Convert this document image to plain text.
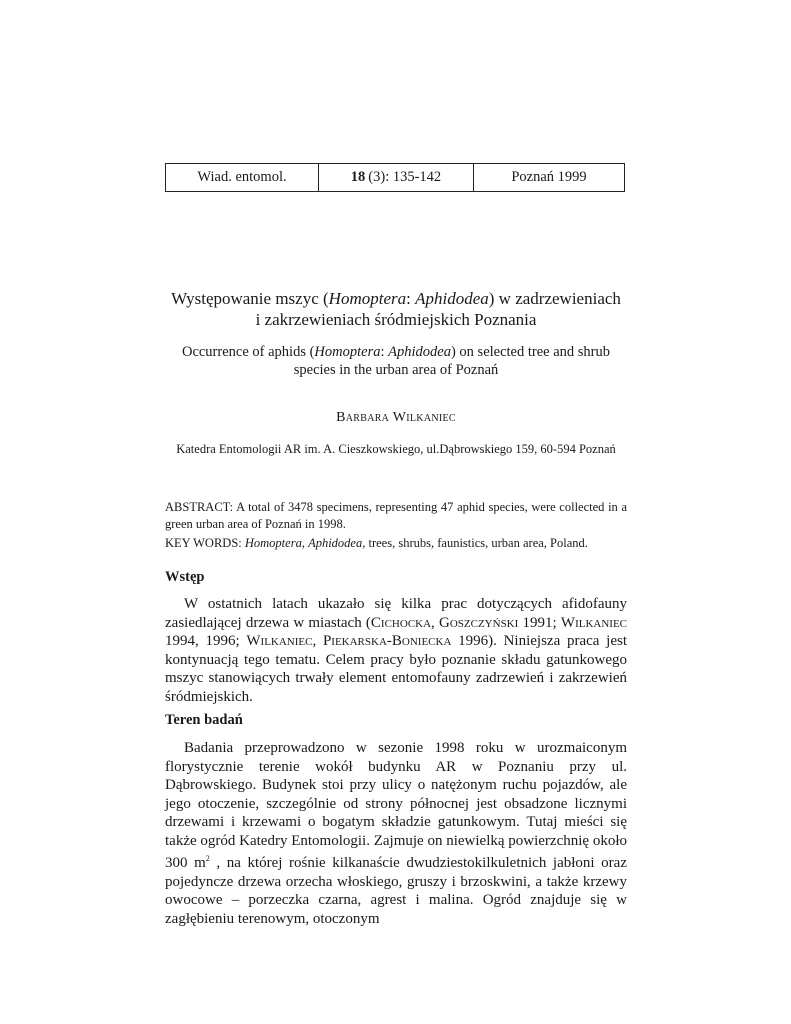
Wiad. entomol.	18 (3): 135-142	Poznań 1999
Występowanie mszyc (Homoptera: Aphidodea) w zadrzewieniach
i zakrzewieniach śródmiejskich Poznania
Occurrence of aphids (Homoptera: Aphidodea) on selected tree and shrub
species in the urban area of Poznań
Barbara Wilkaniec
Katedra Entomologii AR im. A. Cieszkowskiego, ul.Dąbrowskiego 159, 60-594 Poznań
ABSTRACT: A total of 3478 specimens, representing 47 aphid species, were collected in a green urban area of Poznań in 1998.
KEY WORDS: Homoptera, Aphidodea, trees, shrubs, faunistics, urban area, Poland.
Wstęp
W ostatnich latach ukazało się kilka prac dotyczących afidofauny zasiedlającej drzewa w miastach (Cichocka, Goszczyński 1991; Wilkaniec 1994, 1996; Wilkaniec, Piekarska-Boniecka 1996). Niniejsza praca jest kontynuacją tego tematu. Celem pracy było poznanie składu gatunkowego mszyc stanowiących trwały element entomofauny zadrzewień i zakrzewień śródmiejskich.
Teren badań
Badania przeprowadzono w sezonie 1998 roku w urozmaiconym florystycznie terenie wokół budynku AR w Poznaniu przy ul. Dąbrowskiego. Budynek stoi przy ulicy o natężonym ruchu pojazdów, ale jego otoczenie, szczególnie od strony północnej jest obsadzone licznymi drzewami i krzewami o bogatym składzie gatunkowym. Tutaj mieści się także ogród Katedry Entomologii. Zajmuje on niewielką powierzchnię około 300 $m^2$ , na której rośnie kilkanaście dwudziestokilkuletnich jabłoni oraz pojedyncze drzewa orzecha włoskiego, gruszy i brzoskwini, a także krzewy owocowe – porzeczka czarna, agrest i malina. Ogród znajduje się w zagłębieniu terenowym, otoczonym
